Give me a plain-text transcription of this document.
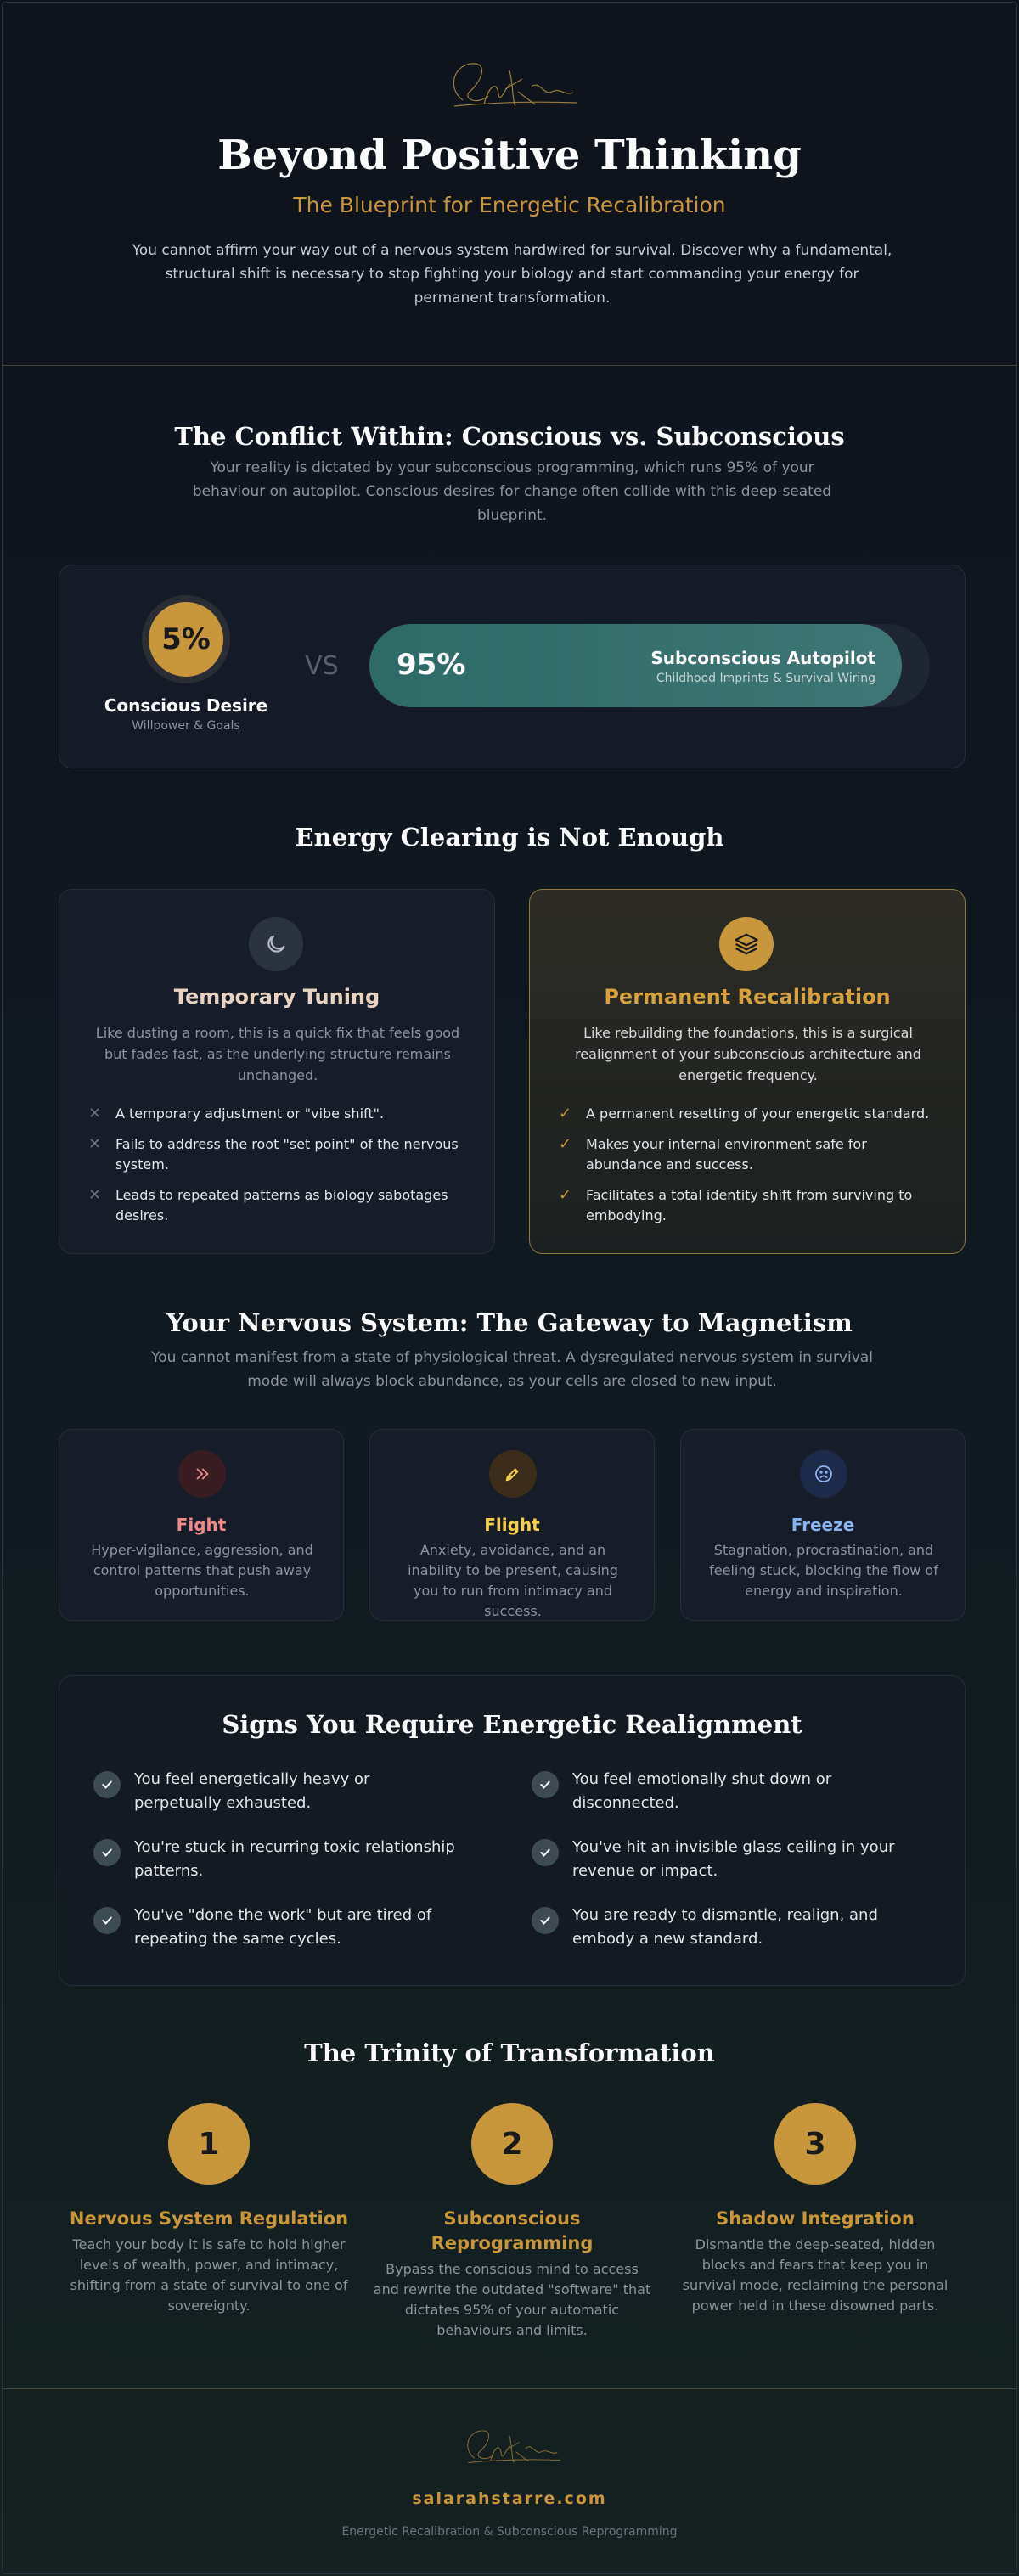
Beyond Positive Thinking
The Blueprint for Energetic Recalibration

You cannot affirm your way out of a nervous system hardwired for survival. Discover why a fundamental, structural shift is necessary to stop fighting your biology and start commanding your energy for permanent transformation.

The Conflict Within: Conscious vs. Subconscious

Your reality is dictated by your subconscious programming, which runs 95% of your behaviour on autopilot. Conscious desires for change often collide with this deep-seated blueprint.

5%
Conscious Desire
Willpower & Goals
VS 95%	Subconscious Autopilot
Childhood Imprints & Survival Wiring
Energy Clearing is Not Enough
Temporary Tuning

Like dusting a room, this is a quick fix that feels good but fades fast, as the underlying structure remains unchanged.

✕ A temporary adjustment or "vibe shift".
✕ Fails to address the root "set point" of the nervous system.
✕ Leads to repeated patterns as biology sabotages desires.
Permanent Recalibration

Like rebuilding the foundations, this is a surgical realignment of your subconscious architecture and energetic frequency.

✓ A permanent resetting of your energetic standard.
✓ Makes your internal environment safe for abundance and success.
✓ Facilitates a total identity shift from surviving to embodying.
Your Nervous System: The Gateway to Magnetism

You cannot manifest from a state of physiological threat. A dysregulated nervous system in survival mode will always block abundance, as your cells are closed to new input.

Fight

Hyper-vigilance, aggression, and control patterns that push away opportunities.

Flight

Anxiety, avoidance, and an inability to be present, causing you to run from intimacy and success.

Freeze

Stagnation, procrastination, and feeling stuck, blocking the flow of energy and inspiration.

Signs You Require Energetic Realignment
You feel energetically heavy or perpetually exhausted.
You feel emotionally shut down or disconnected.
You're stuck in recurring toxic relationship patterns.
You've hit an invisible glass ceiling in your revenue or impact.
You've "done the work" but are tired of repeating the same cycles.
You are ready to dismantle, realign, and embody a new standard.
The Trinity of Transformation
1
Nervous System Regulation

Teach your body it is safe to hold higher levels of wealth, power, and intimacy, shifting from a state of survival to one of sovereignty.

2
Subconscious Reprogramming

Bypass the conscious mind to access and rewrite the outdated "software" that dictates 95% of your automatic behaviours and limits.

3
Shadow Integration

Dismantle the deep-seated, hidden blocks and fears that keep you in survival mode, reclaiming the personal power held in these disowned parts.

salarahstarre.com
Energetic Recalibration & Subconscious Reprogramming
